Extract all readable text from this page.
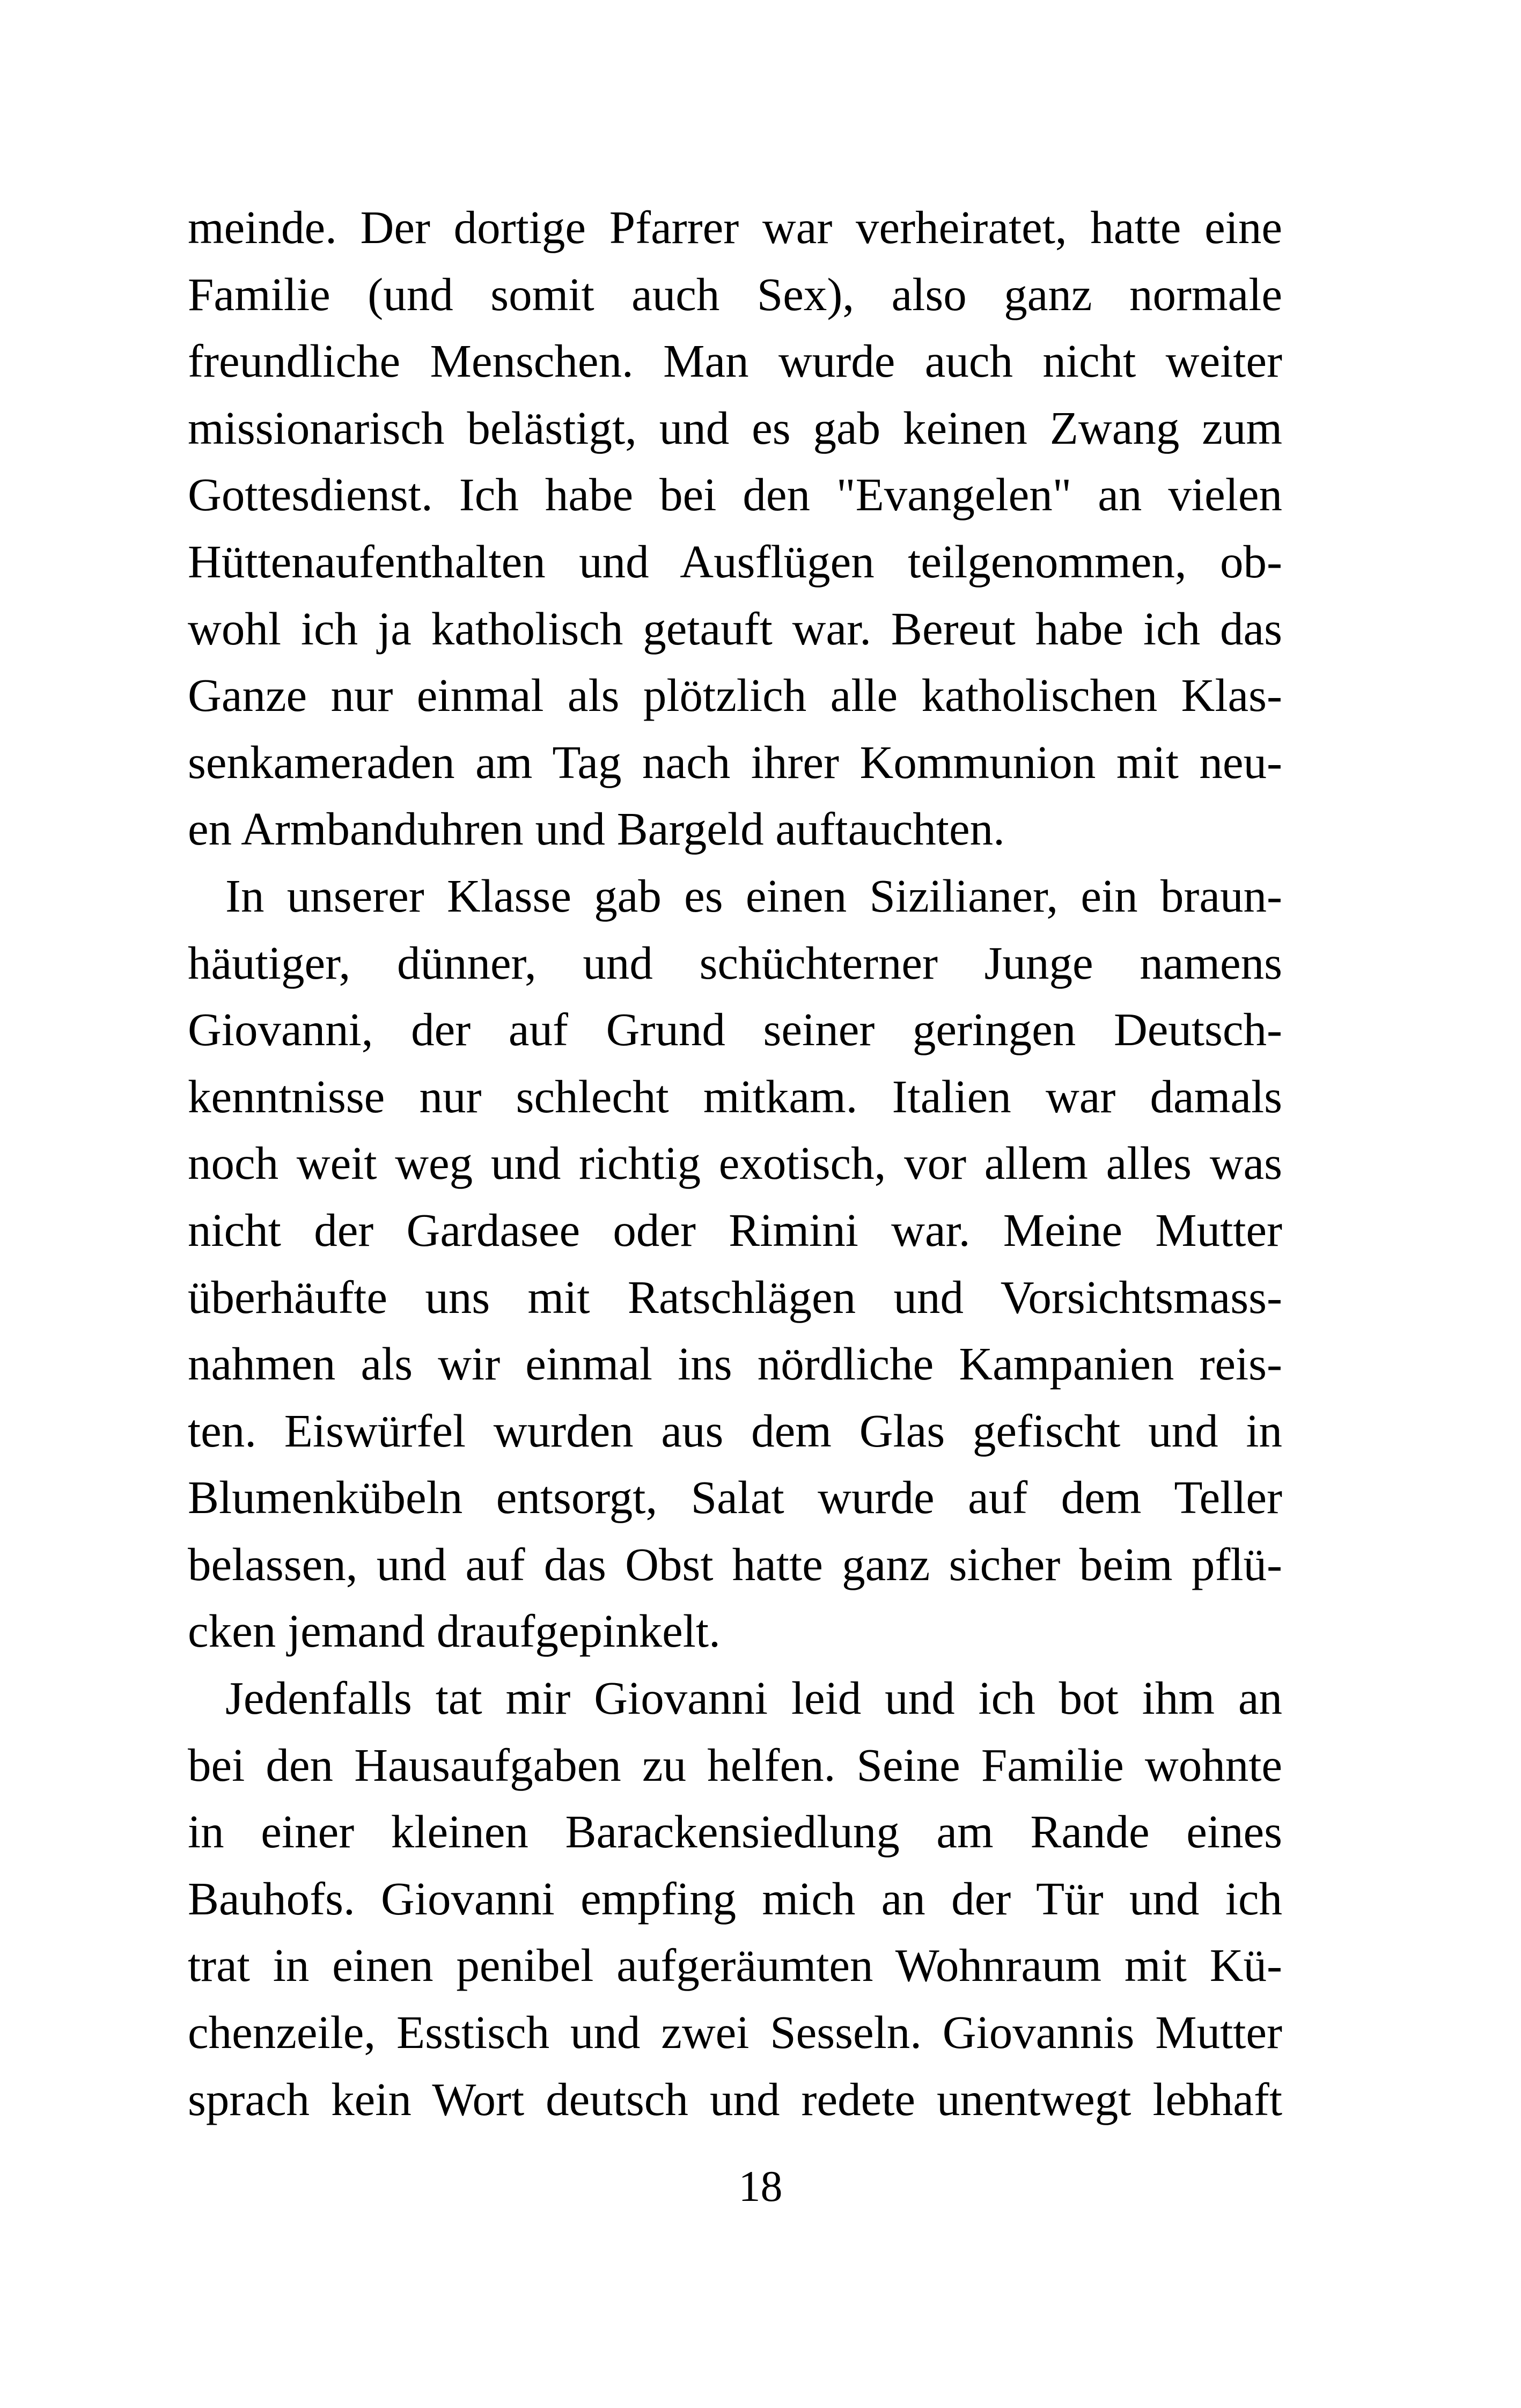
meinde. Der dortige Pfarrer war verheiratet, hatte eine
Familie (und somit auch Sex), also ganz normale
freundliche Menschen. Man wurde auch nicht weiter
missionarisch belästigt, und es gab keinen Zwang zum
Gottesdienst. Ich habe bei den "Evangelen" an vielen
Hüttenaufenthalten und Ausflügen teilgenommen, ob-
wohl ich ja katholisch getauft war. Bereut habe ich das
Ganze nur einmal als plötzlich alle katholischen Klas-
senkameraden am Tag nach ihrer Kommunion mit neu-
en Armbanduhren und Bargeld auftauchten.
In unserer Klasse gab es einen Sizilianer, ein braun-
häutiger, dünner, und schüchterner Junge namens
Giovanni, der auf Grund seiner geringen Deutsch-
kenntnisse nur schlecht mitkam. Italien war damals
noch weit weg und richtig exotisch, vor allem alles was
nicht der Gardasee oder Rimini war. Meine Mutter
überhäufte uns mit Ratschlägen und Vorsichtsmass-
nahmen als wir einmal ins nördliche Kampanien reis-
ten. Eiswürfel wurden aus dem Glas gefischt und in
Blumenkübeln entsorgt, Salat wurde auf dem Teller
belassen, und auf das Obst hatte ganz sicher beim pflü-
cken jemand draufgepinkelt.
Jedenfalls tat mir Giovanni leid und ich bot ihm an
bei den Hausaufgaben zu helfen. Seine Familie wohnte
in einer kleinen Barackensiedlung am Rande eines
Bauhofs. Giovanni empfing mich an der Tür und ich
trat in einen penibel aufgeräumten Wohnraum mit Kü-
chenzeile, Esstisch und zwei Sesseln. Giovannis Mutter
sprach kein Wort deutsch und redete unentwegt lebhaft
18
